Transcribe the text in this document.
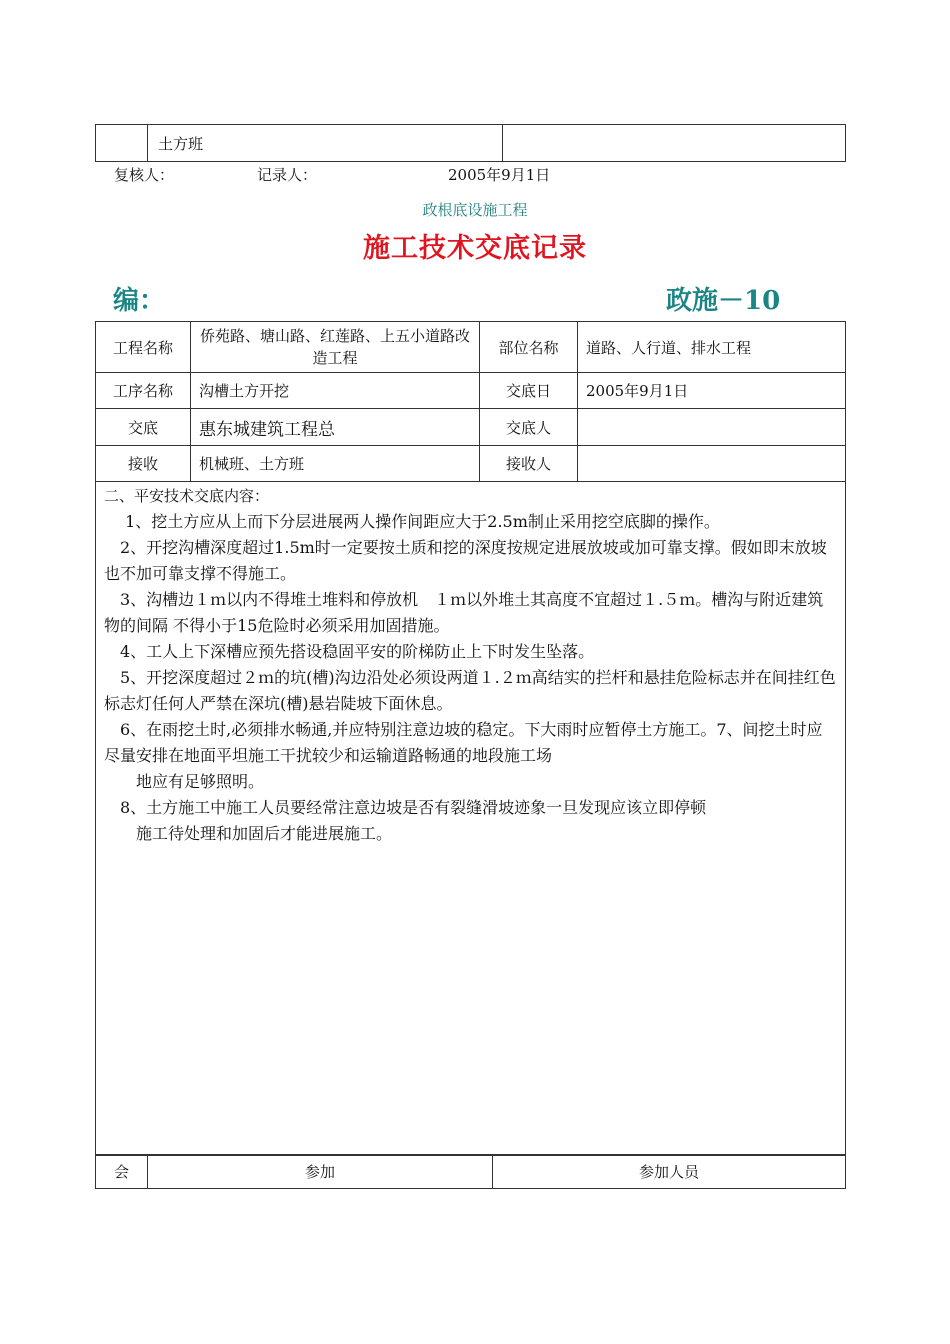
	土方班	
复核人：	记录人：	2005年9月1日
政根底设施工程
施工技术交底记录
编：	政施－10
工程名称	侨苑路、塘山路、红莲路、上五小道路改造工程	部位名称	道路、人行道、排水工程
工序名称	沟槽土方开挖	交底日	2005年9月1日
交底	惠东城建筑工程总	交底人	
接收	机械班、土方班	接收人	

二、平安技术交底内容：

　 1、挖土方应从上而下分层进展两人操作间距应大于2.5m制止采用挖空底脚的操作。

　2、开挖沟槽深度超过1.5m时一定要按土质和挖的深度按规定进展放坡或加可靠支撑。假如即末放坡也不加可靠支撑不得施工。

　3、沟槽边１ｍ以内不得堆土堆料和停放机　１ｍ以外堆土其高度不宜超过１.５ｍ。槽沟与附近建筑物的间隔 不得小于15危险时必须采用加固措施。

　4、工人上下深槽应预先搭设稳固平安的阶梯防止上下时发生坠落。

　5、开挖深度超过２ｍ的坑(槽)沟边沿处必须设两道１.２ｍ高结实的拦杆和悬挂危险标志并在间挂红色标志灯任何人严禁在深坑(槽)悬岩陡坡下面休息。

　6、在雨挖土时,必须排水畅通,并应特别注意边坡的稳定。下大雨时应暂停土方施工。7、间挖土时应尽量安排在地面平坦施工干扰较少和运输道路畅通的地段施工场

　地应有足够照明。

　8、土方施工中施工人员要经常注意边坡是否有裂缝滑坡迹象一旦发现应该立即停顿

　施工待处理和加固后才能进展施工。

会	参加	参加人员
